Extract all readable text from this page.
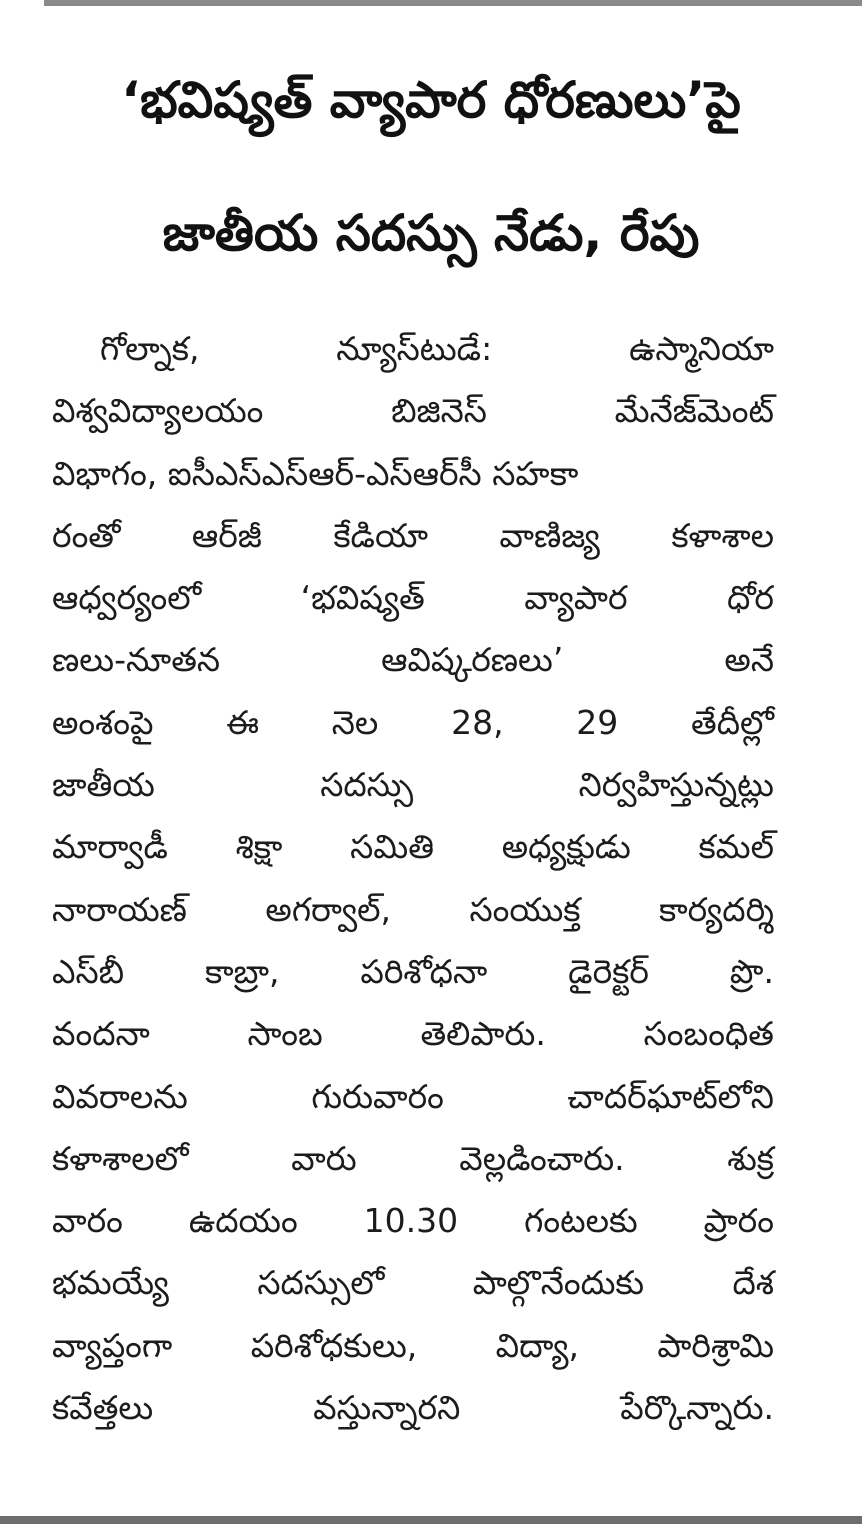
‘భవిష్యత్ వ్యాపార ధోరణులు’పై
జాతీయ సదస్సు నేడు, రేపు
గోల్నాక,	న్యూస్‌టుడే:	ఉస్మానియా
విశ్వవిద్యాలయం	బిజినెస్	మేనేజ్‌మెంట్
విభాగం, ఐసీఎస్‌ఎస్‌ఆర్-ఎస్‌ఆర్‌సీ సహకా
రంతో ఆర్‌జీ కేడియా వాణిజ్య కళాశాల
ఆధ్వర్యంలో	‘భవిష్యత్	వ్యాపార	ధోర
ణలు-నూతన	ఆవిష్కరణలు’	అనే
అంశంపై ఈ నెల 28, 29 తేదీల్లో
జాతీయ	సదస్సు	నిర్వహిస్తున్నట్లు
మార్వాడీ శిక్షా సమితి అధ్యక్షుడు కమల్
నారాయణ్ అగర్వాల్, సంయుక్త కార్యదర్శి
ఎస్‌బీ కాబ్రా, పరిశోధనా డైరెక్టర్ ప్రొ.
వందనా	సాంబ	తెలిపారు.	సంబంధిత
వివరాలను	గురువారం	చాదర్‌ఘాట్‌లోని
కళాశాలలో	వారు	వెల్లడించారు.	శుక్ర
వారం ఉదయం 10.30 గంటలకు ప్రారం
భమయ్యే	సదస్సులో	పాల్గొనేందుకు	దేశ
వ్యాప్తంగా పరిశోధకులు, విద్యా, పారిశ్రామి
కవేత్తలు	వస్తున్నారని	పేర్కొన్నారు.
